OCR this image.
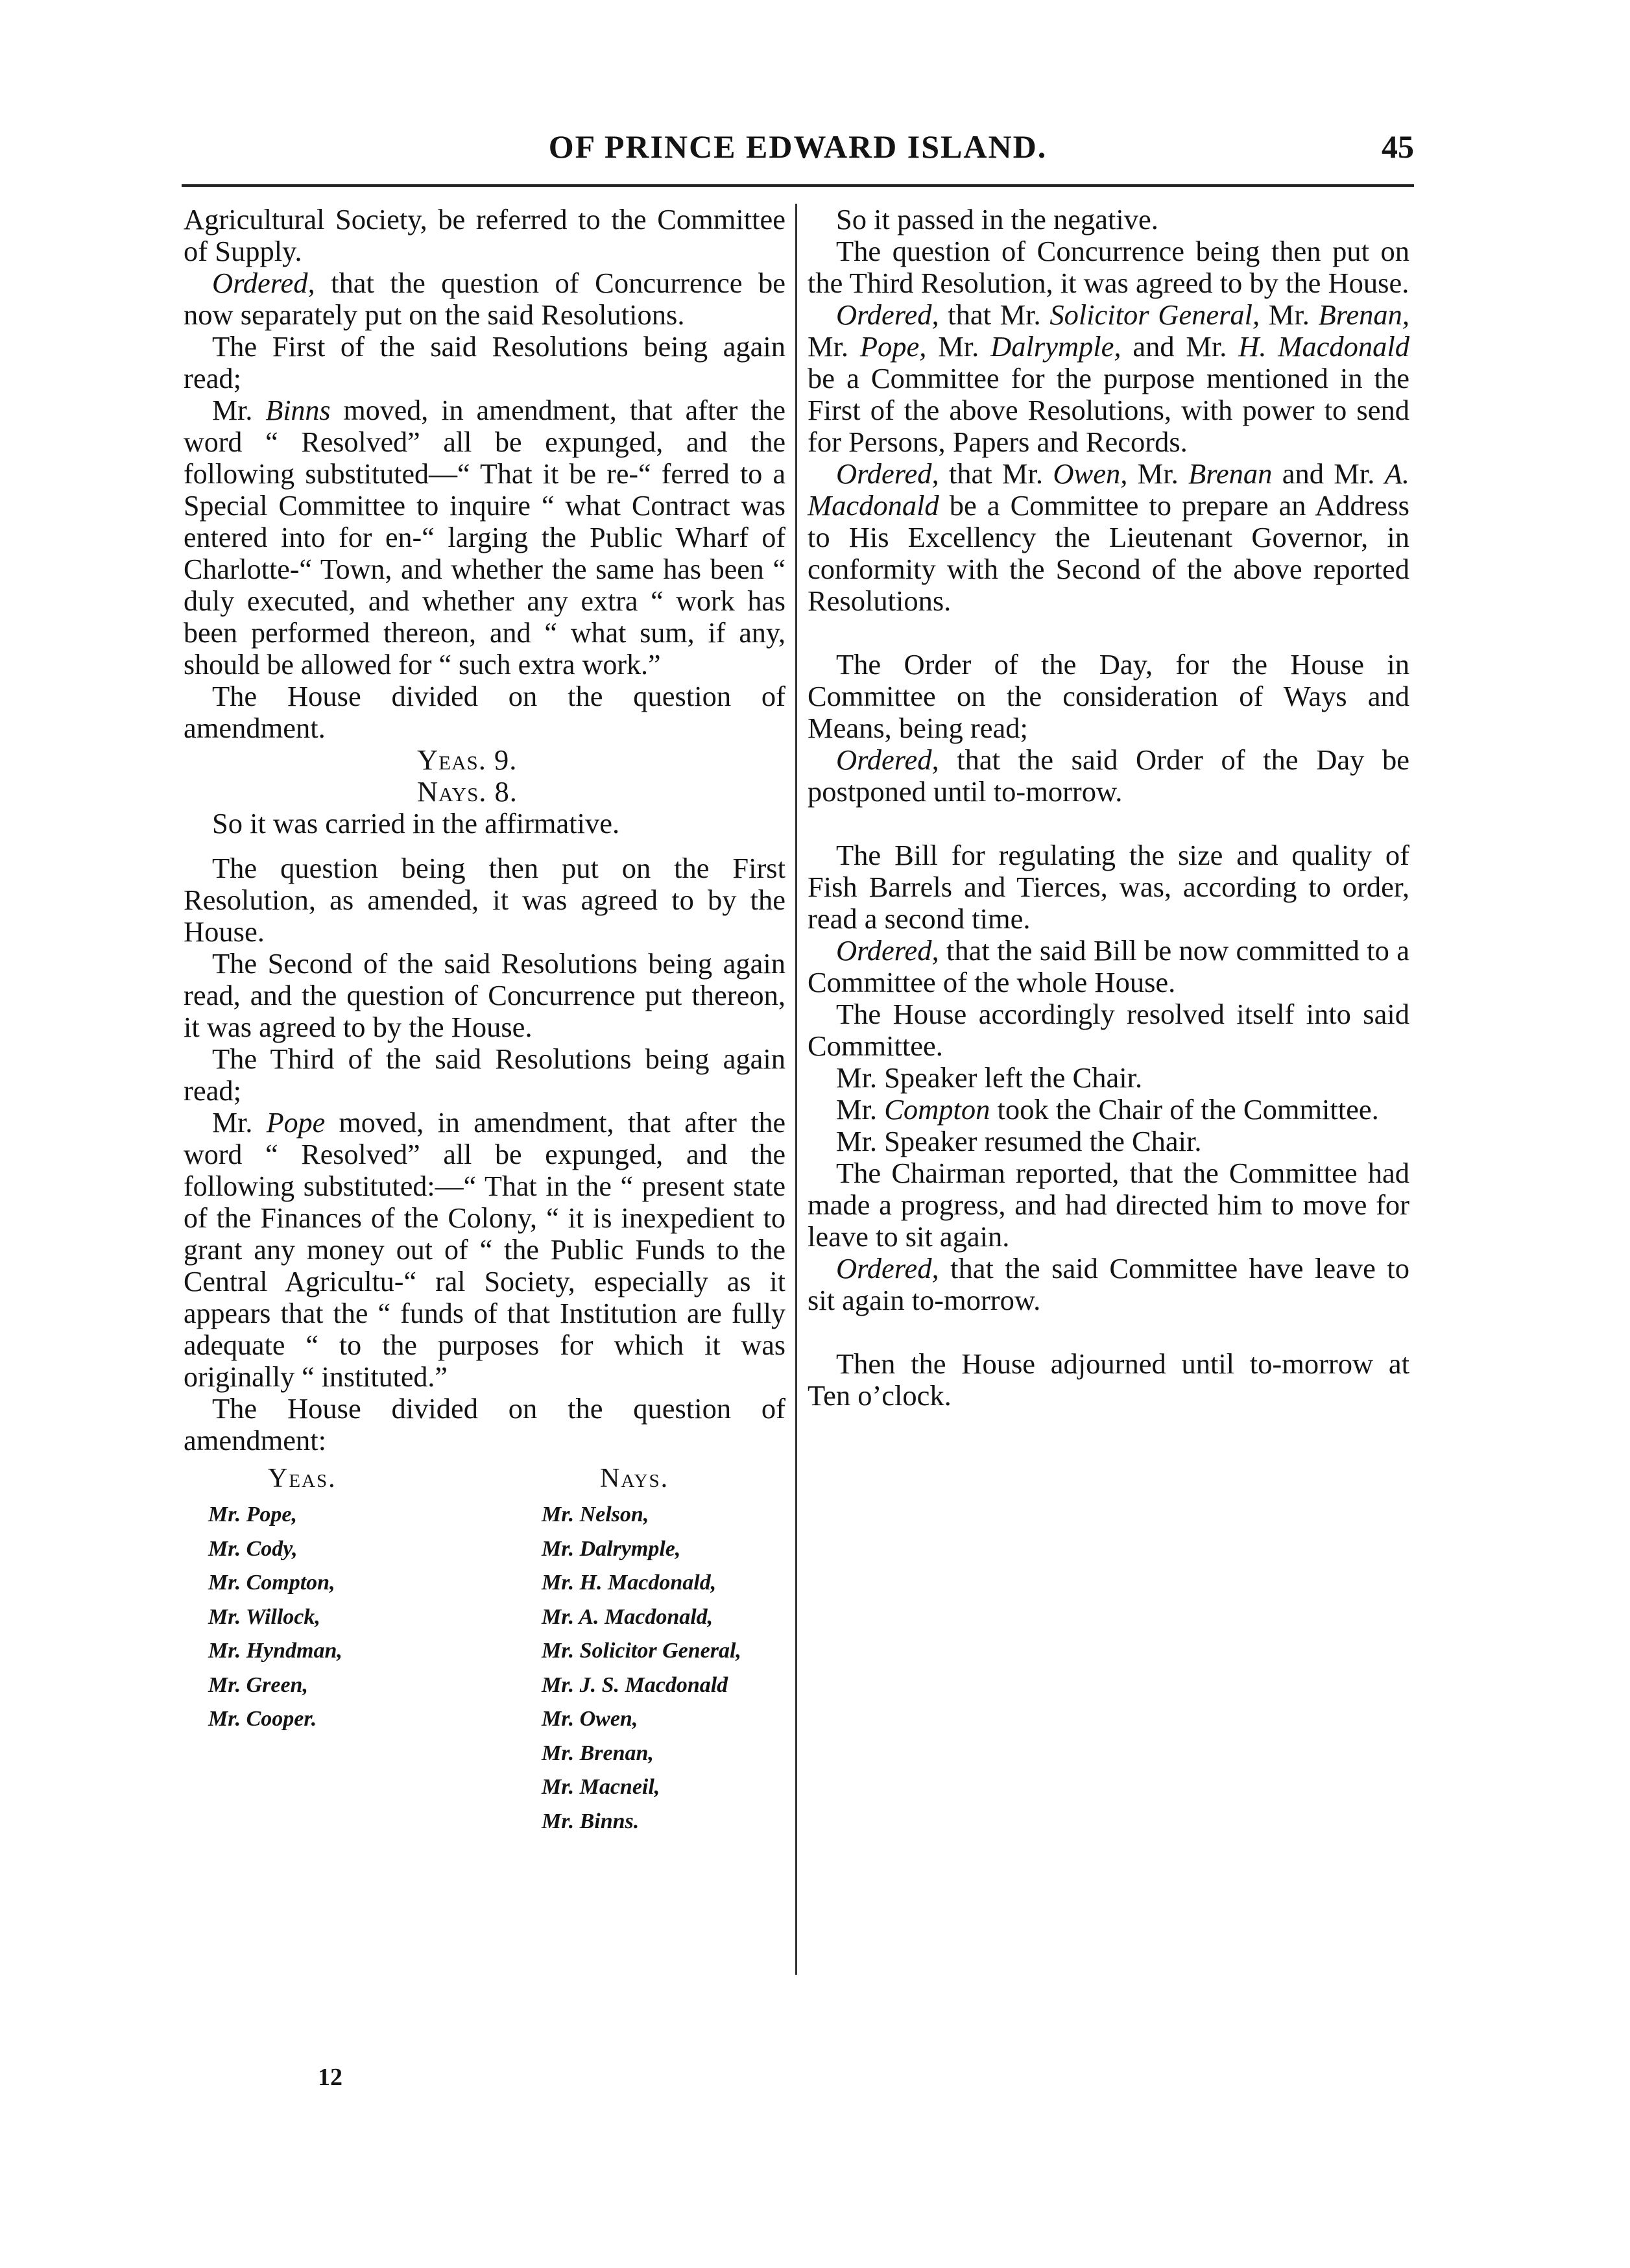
OF PRINCE EDWARD ISLAND.	45

Agricultural Society, be referred to the Committee of Supply.

Ordered, that the question of Concurrence be now separately put on the said Resolutions.

The First of the said Resolutions being again read;

Mr. Binns moved, in amendment, that after the word “ Resolved” all be expunged, and the following substituted—“ That it be re-“ ferred to a Special Committee to inquire “ what Contract was entered into for en-“ larging the Public Wharf of Charlotte-“ Town, and whether the same has been “ duly executed, and whether any extra “ work has been performed thereon, and “ what sum, if any, should be allowed for “ such extra work.”

The House divided on the question of amendment.

Yeas. 9.

Nays. 8.

So it was carried in the affirmative.

The question being then put on the First Resolution, as amended, it was agreed to by the House.

The Second of the said Resolutions being again read, and the question of Concurrence put thereon, it was agreed to by the House.

The Third of the said Resolutions being again read;

Mr. Pope moved, in amendment, that after the word “ Resolved” all be expunged, and the following substituted:—“ That in the “ present state of the Finances of the Colony, “ it is inexpedient to grant any money out of “ the Public Funds to the Central Agricultu-“ ral Society, especially as it appears that the “ funds of that Institution are fully adequate “ to the purposes for which it was originally “ instituted.”

The House divided on the question of amendment:

Yeas.
Mr. Pope,
Mr. Cody,
Mr. Compton,
Mr. Willock,
Mr. Hyndman,
Mr. Green,
Mr. Cooper.
Nays.
Mr. Nelson,
Mr. Dalrymple,
Mr. H. Macdonald,
Mr. A. Macdonald,
Mr. Solicitor General,
Mr. J. S. Macdonald
Mr. Owen,
Mr. Brenan,
Mr. Macneil,
Mr. Binns.

So it passed in the negative.

The question of Concurrence being then put on the Third Resolution, it was agreed to by the House.

Ordered, that Mr. Solicitor General, Mr. Brenan, Mr. Pope, Mr. Dalrymple, and Mr. H. Macdonald be a Committee for the purpose mentioned in the First of the above Resolutions, with power to send for Persons, Papers and Records.

Ordered, that Mr. Owen, Mr. Brenan and Mr. A. Macdonald be a Committee to prepare an Address to His Excellency the Lieutenant Governor, in conformity with the Second of the above reported Resolutions.

The Order of the Day, for the House in Committee on the consideration of Ways and Means, being read;

Ordered, that the said Order of the Day be postponed until to-morrow.

The Bill for regulating the size and quality of Fish Barrels and Tierces, was, according to order, read a second time.

Ordered, that the said Bill be now committed to a Committee of the whole House.

The House accordingly resolved itself into said Committee.

Mr. Speaker left the Chair.

Mr. Compton took the Chair of the Committee.

Mr. Speaker resumed the Chair.

The Chairman reported, that the Committee had made a progress, and had directed him to move for leave to sit again.

Ordered, that the said Committee have leave to sit again to-morrow.

Then the House adjourned until to-morrow at Ten o’clock.

12
